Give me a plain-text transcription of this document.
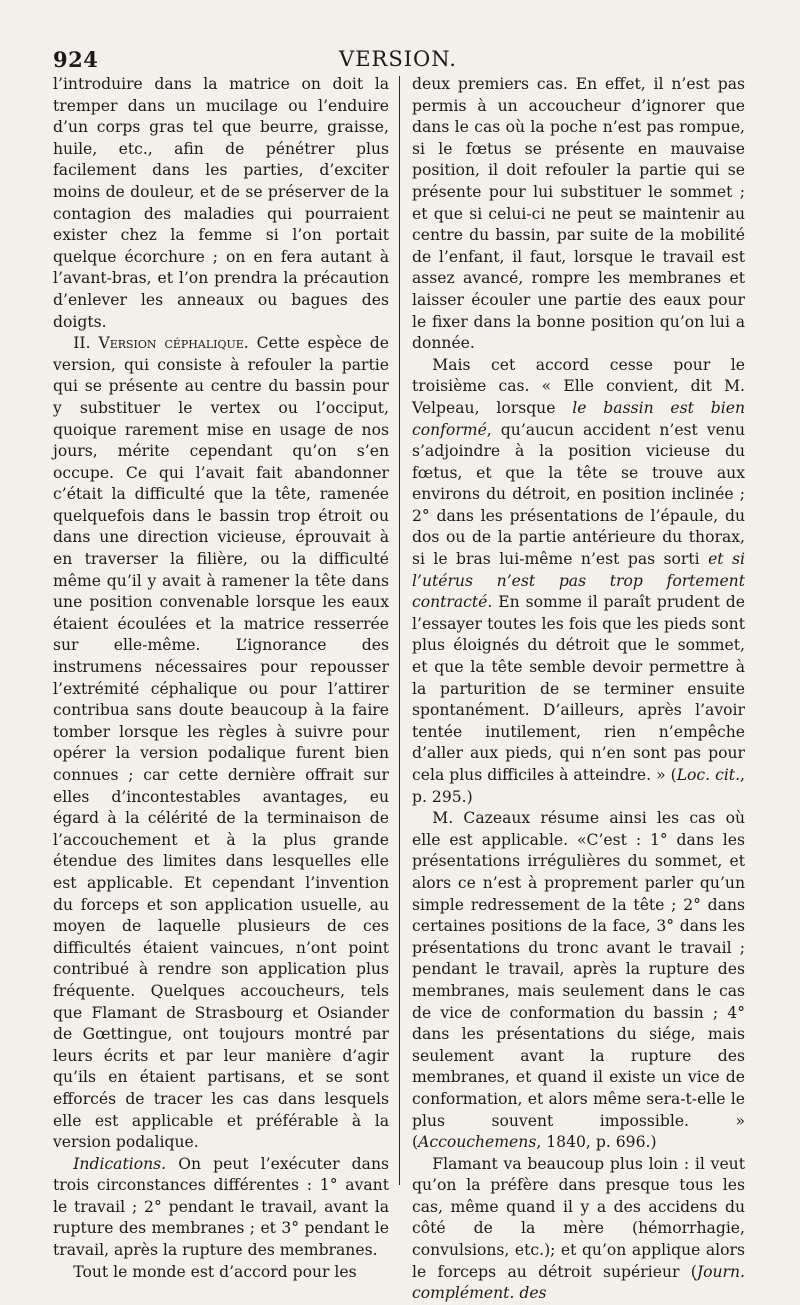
924	VERSION.

l’introduire dans la matrice on doit la tremper dans un mucilage ou l’enduire d’un corps gras tel que beurre, graisse, huile, etc., afin de pénétrer plus facilement dans les parties, d’exciter moins de douleur, et de se préserver de la contagion des maladies qui pourraient exister chez la femme si l’on portait quelque écorchure ; on en fera autant à l’avant-bras, et l’on prendra la précaution d’enlever les anneaux ou bagues des doigts.

II. Version céphalique. Cette espèce de version, qui consiste à refouler la partie qui se présente au centre du bassin pour y substituer le vertex ou l’occiput, quoique rarement mise en usage de nos jours, mérite cependant qu’on s’en occupe. Ce qui l’avait fait abandonner c’était la difficulté que la tête, ramenée quelquefois dans le bassin trop étroit ou dans une direction vicieuse, éprouvait à en traverser la filière, ou la difficulté même qu’il y avait à ramener la tête dans une position convenable lorsque les eaux étaient écoulées et la matrice resserrée sur elle-même. L’ignorance des instrumens nécessaires pour repousser l’extrémité céphalique ou pour l’attirer contribua sans doute beaucoup à la faire tomber lorsque les règles à suivre pour opérer la version podalique furent bien connues ; car cette dernière offrait sur elles d’incontestables avantages, eu égard à la célérité de la terminaison de l’accouchement et à la plus grande étendue des limites dans lesquelles elle est applicable. Et cependant l’invention du forceps et son application usuelle, au moyen de laquelle plusieurs de ces difficultés étaient vaincues, n’ont point contribué à rendre son application plus fréquente. Quelques accoucheurs, tels que Flamant de Strasbourg et Osiander de Gœttingue, ont toujours montré par leurs écrits et par leur manière d’agir qu’ils en étaient partisans, et se sont efforcés de tracer les cas dans lesquels elle est applicable et préférable à la version podalique.

Indications. On peut l’exécuter dans trois circonstances différentes : 1° avant le travail ; 2° pendant le travail, avant la rupture des membranes ; et 3° pendant le travail, après la rupture des membranes.

Tout le monde est d’accord pour les

deux premiers cas. En effet, il n’est pas permis à un accoucheur d’ignorer que dans le cas où la poche n’est pas rompue, si le fœtus se présente en mauvaise position, il doit refouler la partie qui se présente pour lui substituer le sommet ; et que si celui-ci ne peut se maintenir au centre du bassin, par suite de la mobilité de l’enfant, il faut, lorsque le travail est assez avancé, rompre les membranes et laisser écouler une partie des eaux pour le fixer dans la bonne position qu’on lui a donnée.

Mais cet accord cesse pour le troisième cas. « Elle convient, dit M. Velpeau, lorsque le bassin est bien conformé, qu’aucun accident n’est venu s’adjoindre à la position vicieuse du fœtus, et que la tête se trouve aux environs du détroit, en position inclinée ; 2° dans les présentations de l’épaule, du dos ou de la partie antérieure du thorax, si le bras lui-même n’est pas sorti et si l’utérus n’est pas trop fortement contracté. En somme il paraît prudent de l’essayer toutes les fois que les pieds sont plus éloignés du détroit que le sommet, et que la tête semble devoir permettre à la parturition de se terminer ensuite spontanément. D’ailleurs, après l’avoir tentée inutilement, rien n’empêche d’aller aux pieds, qui n’en sont pas pour cela plus difficiles à atteindre. » (Loc. cit., p. 295.)

M. Cazeaux résume ainsi les cas où elle est applicable. «C’est : 1° dans les présentations irrégulières du sommet, et alors ce n’est à proprement parler qu’un simple redressement de la tête ; 2° dans certaines positions de la face, 3° dans les présentations du tronc avant le travail ; pendant le travail, après la rupture des membranes, mais seulement dans le cas de vice de conformation du bassin ; 4° dans les présentations du siége, mais seulement avant la rupture des membranes, et quand il existe un vice de conformation, et alors même sera-t-elle le plus souvent impossible. » (Accouchemens, 1840, p. 696.)

Flamant va beaucoup plus loin : il veut qu’on la préfère dans presque tous les cas, même quand il y a des accidens du côté de la mère (hémorrhagie, convulsions, etc.); et qu’on applique alors le forceps au détroit supérieur (Journ. complément. des
